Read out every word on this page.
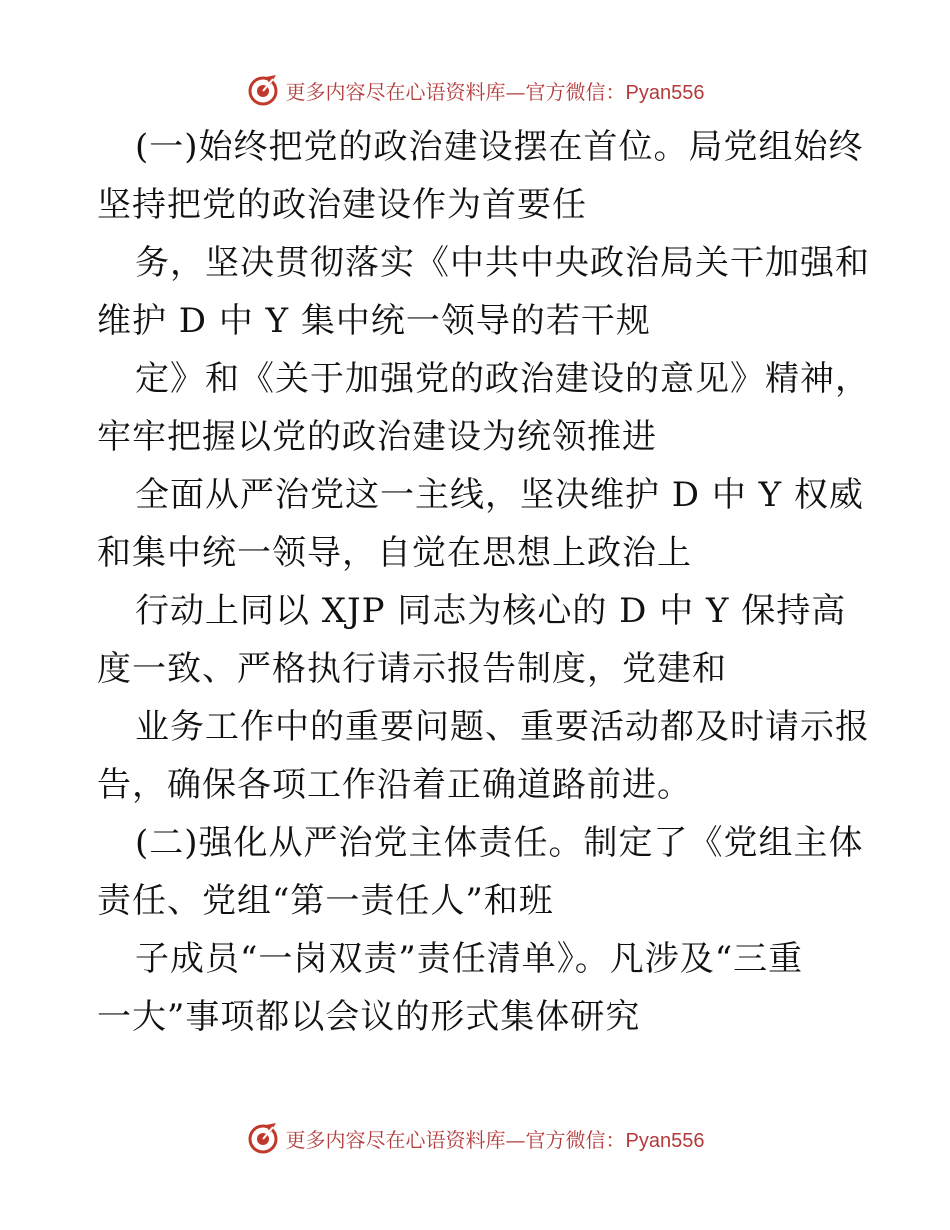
更多内容尽在心语资料库—官方微信：Pyan556
(一)始终把党的政治建设摆在首位。局党组始终
坚持把党的政治建设作为首要任
务，坚决贯彻落实《中共中央政治局关干加强和
维护 D 中 Y 集中统一领导的若干规
定》和《关于加强党的政治建设的意见》精神，
牢牢把握以党的政治建设为统领推进
全面从严治党这一主线，坚决维护 D 中 Y 权威
和集中统一领导，自觉在思想上政治上
行动上同以 XJP 同志为核心的 D 中 Y 保持高
度一致、严格执行请示报告制度，党建和
业务工作中的重要问题、重要活动都及时请示报
告，确保各项工作沿着正确道路前进。
(二)强化从严治党主体责任。制定了《党组主体
责任、党组“第一责任人”和班
子成员“一岗双责”责任清单》。凡涉及“三重
一大”事项都以会议的形式集体研究
更多内容尽在心语资料库—官方微信：Pyan556
